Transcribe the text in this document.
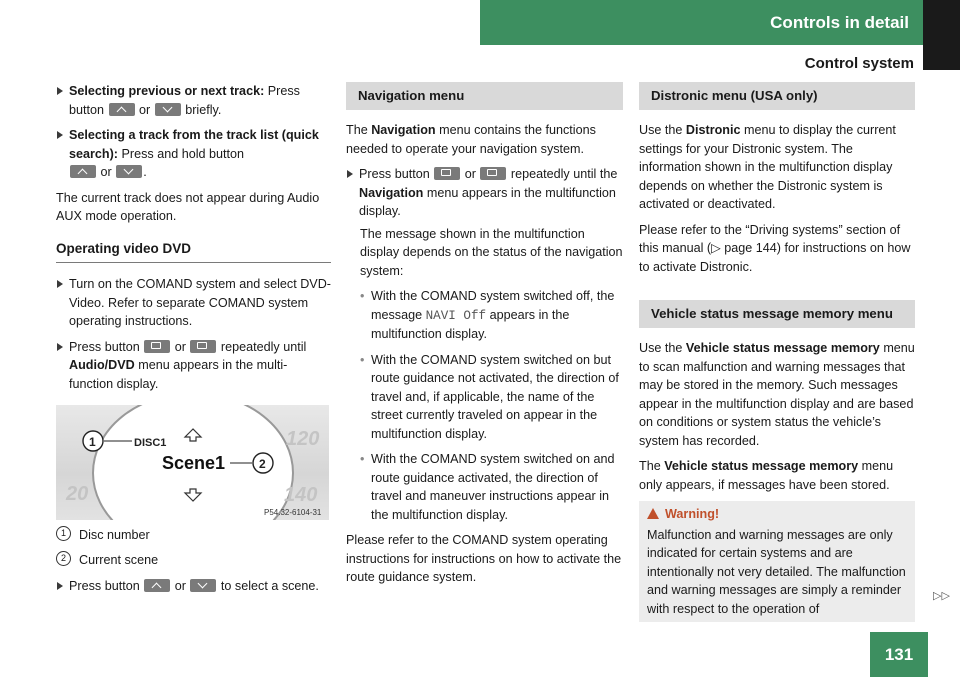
Controls in detail
Control system
Selecting previous or next track: Press button	or	briefly.
Selecting a track from the track list (quick search): Press and hold button
or	.

The current track does not appear during Audio AUX mode operation.

Operating video DVD
Turn on the COMAND system and select DVD-Video. Refer to separate COMAND system operating instructions.
Press button	or	repeatedly until Audio/DVD menu appears in the multi-function display.
120
20	140
DISC1
Scene1
1
2
P54.32-6104-31
1	Disc number
2	Current scene
Press button	or	to select a scene.
Navigation menu

The Navigation menu contains the functions needed to operate your navigation system.

Press button	or	repeatedly until the Navigation menu appears in the multifunction display.

The message shown in the multifunction display depends on the status of the navigation system:

• With the COMAND system switched off, the message NAVI Off appears in the multifunction display.
• With the COMAND system switched on but route guidance not activated, the direction of travel and, if applicable, the name of the street currently traveled on appear in the multifunction display.
• With the COMAND system switched on and route guidance activated, the direction of travel and maneuver instructions appear in the multifunction display.

Please refer to the COMAND system operating instructions for instructions on how to activate the route guidance system.

Distronic menu (USA only)

Use the Distronic menu to display the current settings for your Distronic system. The information shown in the multifunction display depends on whether the Distronic system is activated or deactivated.

Please refer to the “Driving systems” section of this manual (▷ page 144) for instructions on how to activate Distronic.

Vehicle status message memory menu

Use the Vehicle status message memory menu to scan malfunction and warning messages that may be stored in the memory. Such messages appear in the multifunction display and are based on conditions or system status the vehicle’s system has recorded.

The Vehicle status message memory menu only appears, if messages have been stored.

Warning!
Malfunction and warning messages are only indicated for certain systems and are intentionally not very detailed. The malfunction and warning messages are simply a reminder with respect to the operation of
▷▷
131
